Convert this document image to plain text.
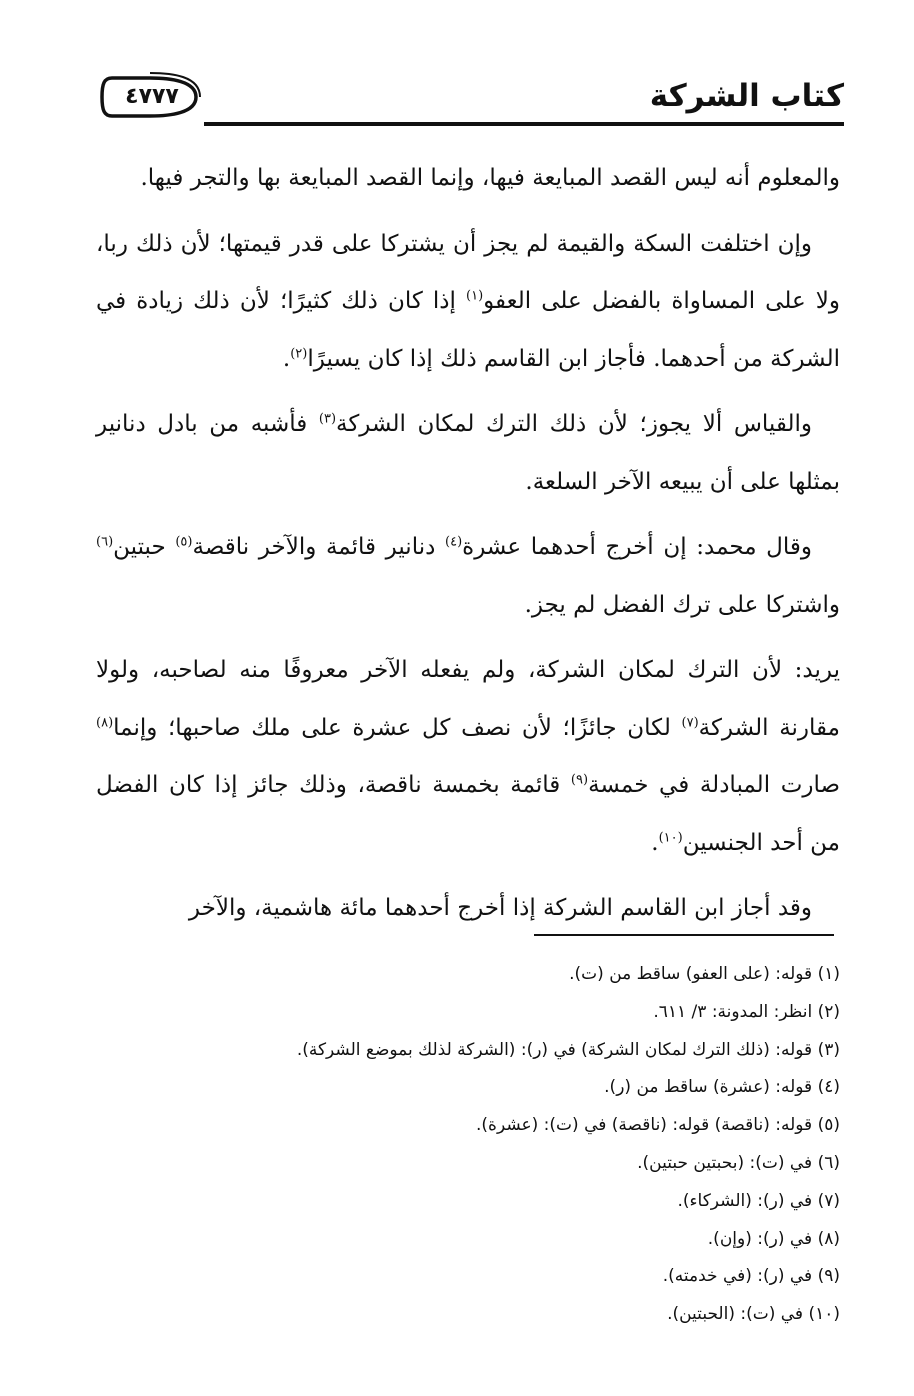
كتاب الشركة
٤٧٧٧

والمعلوم أنه ليس القصد المبايعة فيها، وإنما القصد المبايعة بها والتجر فيها.

وإن اختلفت السكة والقيمة لم يجز أن يشتركا على قدر قيمتها؛ لأن ذلك ربا، ولا على المساواة بالفضل على العفو$^{(١)}$ إذا كان ذلك كثيرًا؛ لأن ذلك زيادة في الشركة من أحدهما. فأجاز ابن القاسم ذلك إذا كان يسيرًا$^{(٢)}$.

والقياس ألا يجوز؛ لأن ذلك الترك لمكان الشركة$^{(٣)}$ فأشبه من بادل دنانير بمثلها على أن يبيعه الآخر السلعة.

وقال محمد: إن أخرج أحدهما عشرة$^{(٤)}$ دنانير قائمة والآخر ناقصة$^{(٥)}$ حبتين$^{(٦)}$ واشتركا على ترك الفضل لم يجز.

يريد: لأن الترك لمكان الشركة، ولم يفعله الآخر معروفًا منه لصاحبه، ولولا مقارنة الشركة$^{(٧)}$ لكان جائزًا؛ لأن نصف كل عشرة على ملك صاحبها؛ وإنما$^{(٨)}$ صارت المبادلة في خمسة$^{(٩)}$ قائمة بخمسة ناقصة، وذلك جائز إذا كان الفضل من أحد الجنسين$^{(١٠)}$.

وقد أجاز ابن القاسم الشركة إذا أخرج أحدهما مائة هاشمية، والآخر

(١) قوله: (على العفو) ساقط من (ت).
(٢) انظر: المدونة: ٣/ ٦١١.
(٣) قوله: (ذلك الترك لمكان الشركة) في (ر): (الشركة لذلك بموضع الشركة).
(٤) قوله: (عشرة) ساقط من (ر).
(٥) قوله: (ناقصة) قوله: (ناقصة) في (ت): (عشرة).
(٦) في (ت): (بحبتين حبتين).
(٧) في (ر): (الشركاء).
(٨) في (ر): (وإن).
(٩) في (ر): (في خدمته).
(١٠) في (ت): (الحبتين).
